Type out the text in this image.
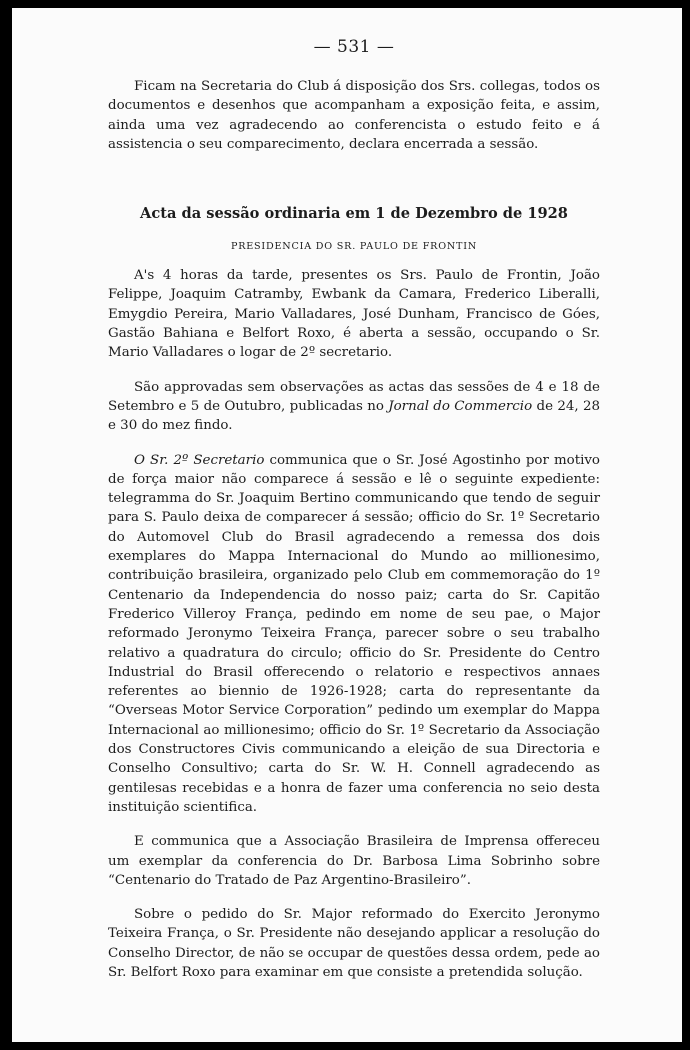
— 531 —

Ficam na Secretaria do Club á disposição dos Srs. collegas, todos os documentos e desenhos que acompanham a exposição feita, e assim, ainda uma vez agradecendo ao conferencista o estudo feito e á assistencia o seu comparecimento, declara encerrada a sessão.

Acta da sessão ordinaria em 1 de Dezembro de 1928
PRESIDENCIA DO SR. PAULO DE FRONTIN

A's 4 horas da tarde, presentes os Srs. Paulo de Frontin, João Felippe, Joaquim Catramby, Ewbank da Camara, Frederico Liberalli, Emygdio Pereira, Mario Valladares, José Dunham, Francisco de Góes, Gastão Bahiana e Belfort Roxo, é aberta a sessão, occupando o Sr. Mario Valladares o logar de 2º secretario.

São approvadas sem observações as actas das sessões de 4 e 18 de Setembro e 5 de Outubro, publicadas no Jornal do Commercio de 24, 28 e 30 do mez findo.

O Sr. 2º Secretario communica que o Sr. José Agostinho por motivo de força maior não comparece á sessão e lê o seguinte expediente: telegramma do Sr. Joaquim Bertino communicando que tendo de seguir para S. Paulo deixa de comparecer á sessão; officio do Sr. 1º Secretario do Automovel Club do Brasil agradecendo a remessa dos dois exemplares do Mappa Internacional do Mundo ao millionesimo, contribuição brasileira, organizado pelo Club em commemoração do 1º Centenario da Independencia do nosso paiz; carta do Sr. Capitão Frederico Villeroy França, pedindo em nome de seu pae, o Major reformado Jeronymo Teixeira França, parecer sobre o seu trabalho relativo a quadratura do circulo; officio do Sr. Presidente do Centro Industrial do Brasil offerecendo o relatorio e respectivos annaes referentes ao biennio de 1926-1928; carta do representante da “Overseas Motor Service Corporation” pedindo um exemplar do Mappa Internacional ao millionesimo; officio do Sr. 1º Secretario da Associação dos Constructores Civis communicando a eleição de sua Directoria e Conselho Consultivo; carta do Sr. W. H. Connell agradecendo as gentilesas recebidas e a honra de fazer uma conferencia no seio desta instituição scientifica.

E communica que a Associação Brasileira de Imprensa offereceu um exemplar da conferencia do Dr. Barbosa Lima Sobrinho sobre “Centenario do Tratado de Paz Argentino-Brasileiro”.

Sobre o pedido do Sr. Major reformado do Exercito Jeronymo Teixeira França, o Sr. Presidente não desejando applicar a resolução do Conselho Director, de não se occupar de questões dessa ordem, pede ao Sr. Belfort Roxo para examinar em que consiste a pretendida solução.
